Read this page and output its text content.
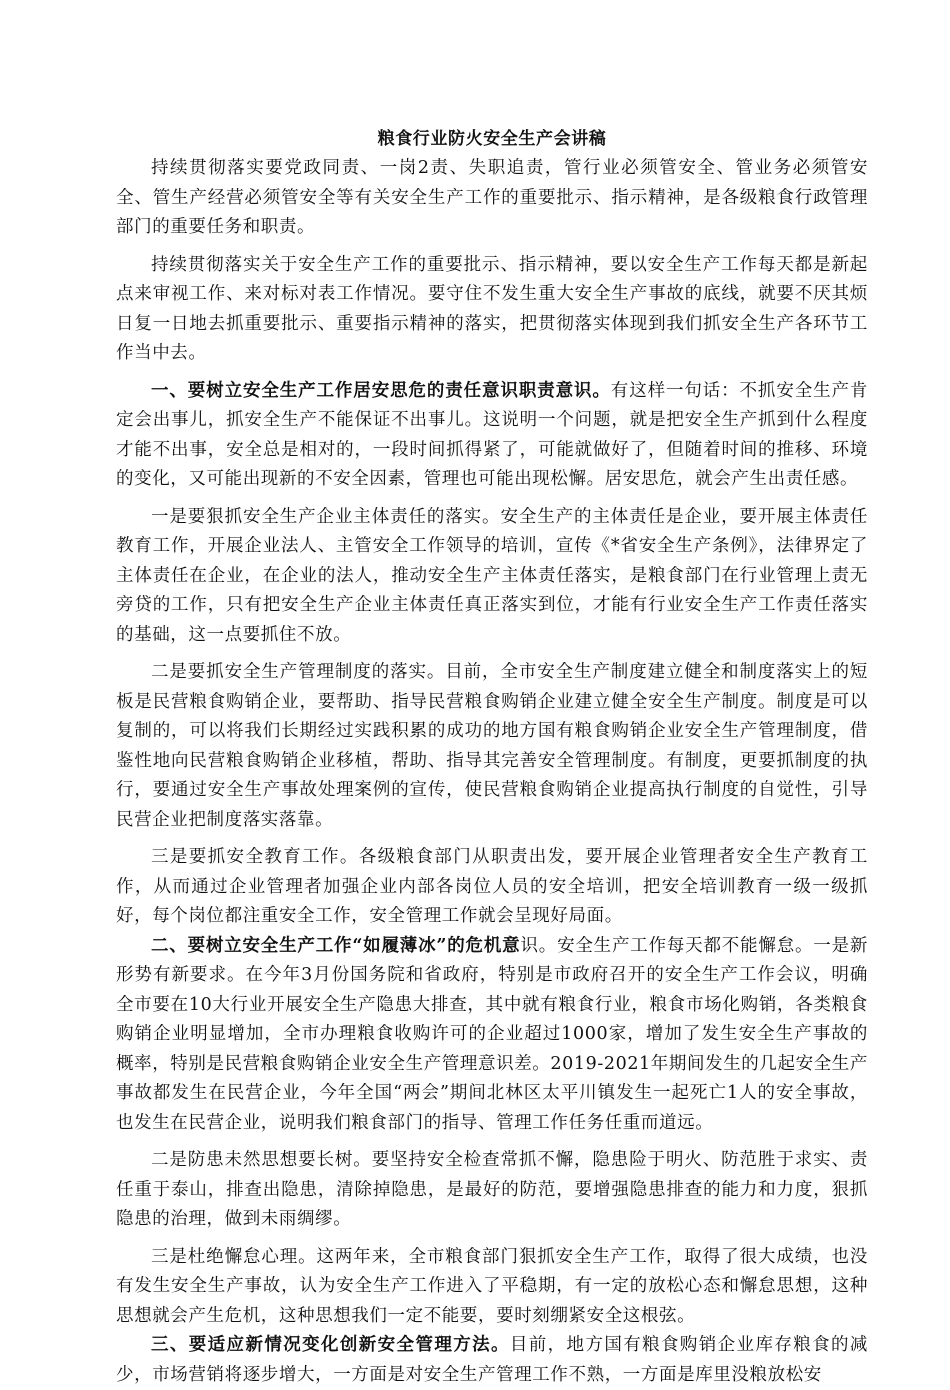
粮食行业防火安全生产会讲稿

持续贯彻落实要党政同责、一岗2责、失职追责，管行业必须管安全、管业务必须管安全、管生产经营必须管安全等有关安全生产工作的重要批示、指示精神，是各级粮食行政管理部门的重要任务和职责。

持续贯彻落实关于安全生产工作的重要批示、指示精神，要以安全生产工作每天都是新起点来审视工作、来对标对表工作情况。要守住不发生重大安全生产事故的底线，就要不厌其烦日复一日地去抓重要批示、重要指示精神的落实，把贯彻落实体现到我们抓安全生产各环节工作当中去。

一、要树立安全生产工作居安思危的责任意识职责意识。有这样一句话：不抓安全生产肯定会出事儿，抓安全生产不能保证不出事儿。这说明一个问题，就是把安全生产抓到什么程度才能不出事，安全总是相对的，一段时间抓得紧了，可能就做好了，但随着时间的推移、环境的变化，又可能出现新的不安全因素，管理也可能出现松懈。居安思危，就会产生出责任感。

一是要狠抓安全生产企业主体责任的落实。安全生产的主体责任是企业，要开展主体责任教育工作，开展企业法人、主管安全工作领导的培训，宣传《*省安全生产条例》，法律界定了主体责任在企业，在企业的法人，推动安全生产主体责任落实，是粮食部门在行业管理上责无旁贷的工作，只有把安全生产企业主体责任真正落实到位，才能有行业安全生产工作责任落实的基础，这一点要抓住不放。

二是要抓安全生产管理制度的落实。目前，全市安全生产制度建立健全和制度落实上的短板是民营粮食购销企业，要帮助、指导民营粮食购销企业建立健全安全生产制度。制度是可以复制的，可以将我们长期经过实践积累的成功的地方国有粮食购销企业安全生产管理制度，借鉴性地向民营粮食购销企业移植，帮助、指导其完善安全管理制度。有制度，更要抓制度的执行，要通过安全生产事故处理案例的宣传，使民营粮食购销企业提高执行制度的自觉性，引导民营企业把制度落实落靠。

三是要抓安全教育工作。各级粮食部门从职责出发，要开展企业管理者安全生产教育工作，从而通过企业管理者加强企业内部各岗位人员的安全培训，把安全培训教育一级一级抓好，每个岗位都注重安全工作，安全管理工作就会呈现好局面。

二、要树立安全生产工作“如履薄冰”的危机意识。安全生产工作每天都不能懈怠。一是新形势有新要求。在今年3月份国务院和省政府，特别是市政府召开的安全生产工作会议，明确全市要在10大行业开展安全生产隐患大排查，其中就有粮食行业，粮食市场化购销，各类粮食购销企业明显增加，全市办理粮食收购许可的企业超过1000家，增加了发生安全生产事故的概率，特别是民营粮食购销企业安全生产管理意识差。2019-2021年期间发生的几起安全生产事故都发生在民营企业，今年全国“两会”期间北林区太平川镇发生一起死亡1人的安全事故，也发生在民营企业，说明我们粮食部门的指导、管理工作任务任重而道远。

二是防患未然思想要长树。要坚持安全检查常抓不懈，隐患险于明火、防范胜于求实、责任重于泰山，排查出隐患，清除掉隐患，是最好的防范，要增强隐患排查的能力和力度，狠抓隐患的治理，做到未雨绸缪。

三是杜绝懈怠心理。这两年来，全市粮食部门狠抓安全生产工作，取得了很大成绩，也没有发生安全生产事故，认为安全生产工作进入了平稳期，有一定的放松心态和懈怠思想，这种思想就会产生危机，这种思想我们一定不能要，要时刻绷紧安全这根弦。

三、要适应新情况变化创新安全管理方法。目前，地方国有粮食购销企业库存粮食的减少，市场营销将逐步增大，一方面是对安全生产管理工作不熟，一方面是库里没粮放松安
